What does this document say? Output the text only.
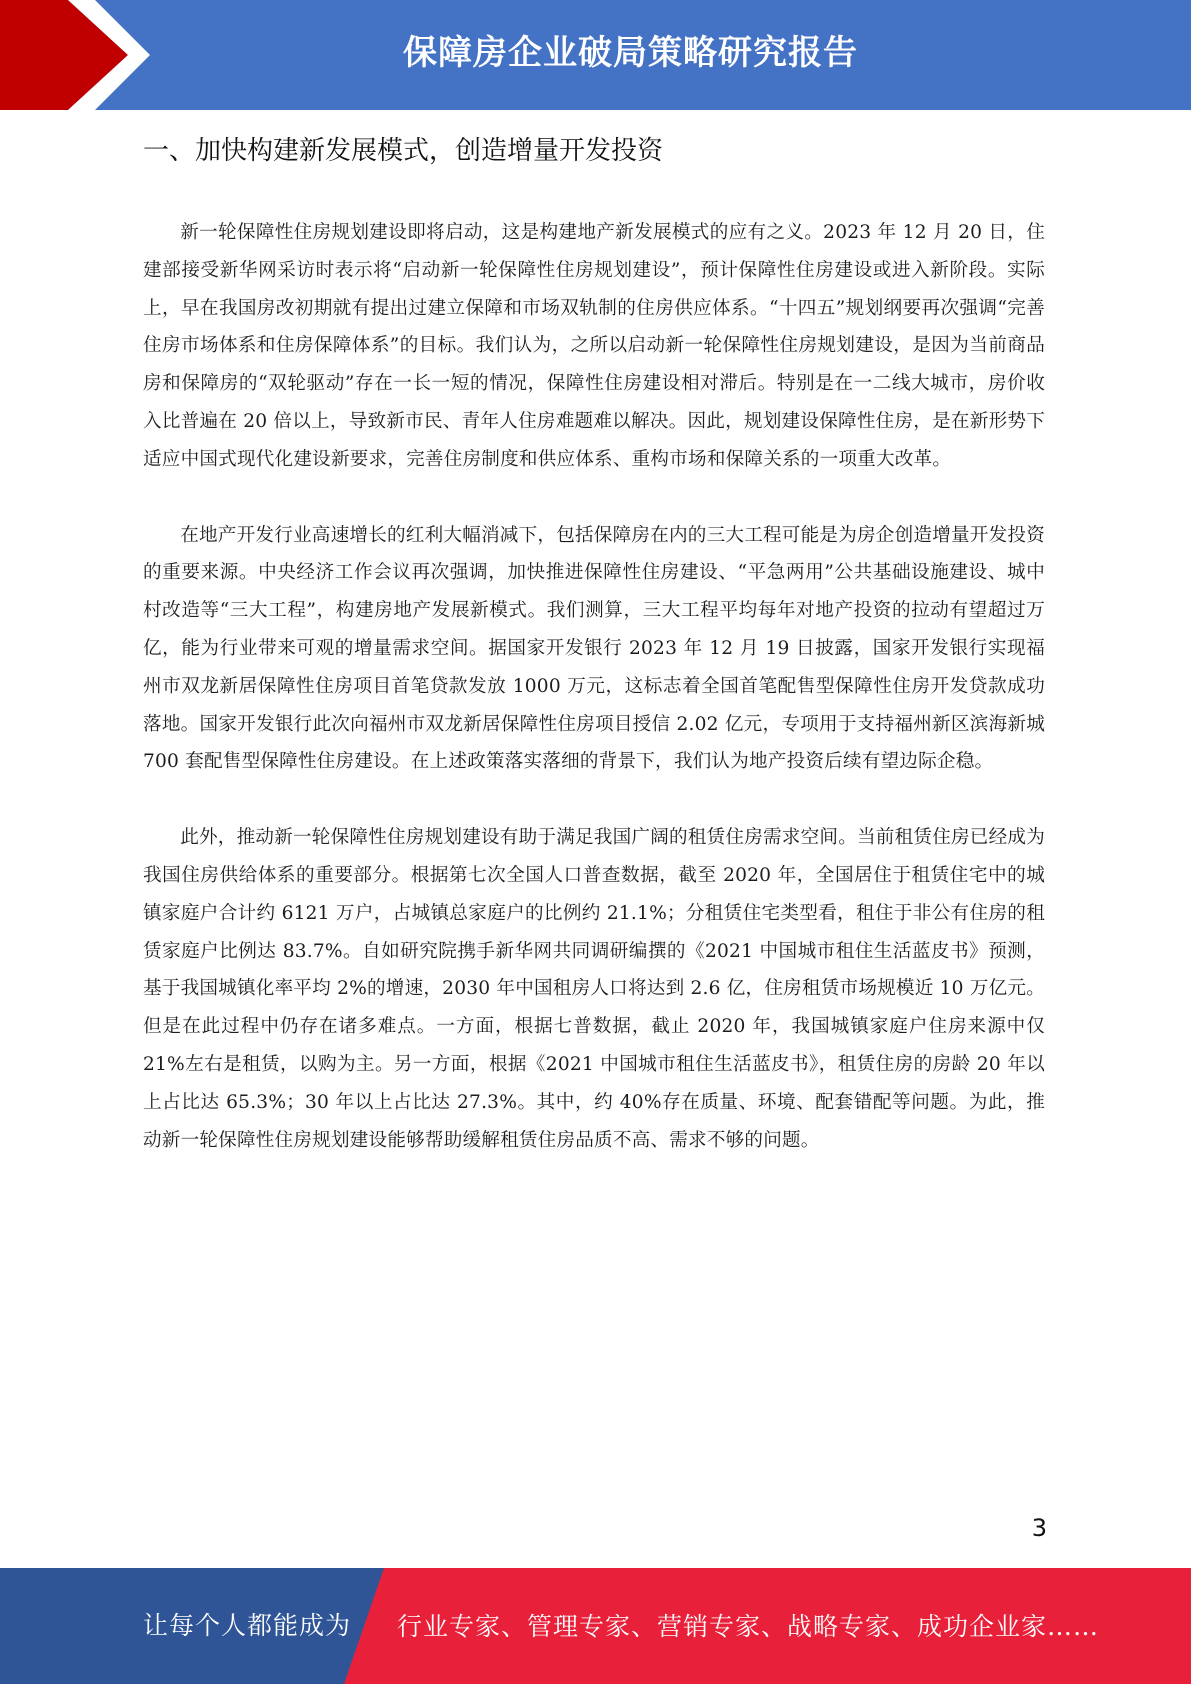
保障房企业破局策略研究报告
一、加快构建新发展模式，创造增量开发投资

新一轮保障性住房规划建设即将启动，这是构建地产新发展模式的应有之义。2023 年 12 月 20 日，住建部接受新华网采访时表示将“启动新一轮保障性住房规划建设”，预计保障性住房建设或进入新阶段。实际上，早在我国房改初期就有提出过建立保障和市场双轨制的住房供应体系。“十四五”规划纲要再次强调“完善住房市场体系和住房保障体系”的目标。我们认为，之所以启动新一轮保障性住房规划建设，是因为当前商品房和保障房的“双轮驱动”存在一长一短的情况，保障性住房建设相对滞后。特别是在一二线大城市，房价收入比普遍在 20 倍以上，导致新市民、青年人住房难题难以解决。因此，规划建设保障性住房，是在新形势下适应中国式现代化建设新要求，完善住房制度和供应体系、重构市场和保障关系的一项重大改革。

在地产开发行业高速增长的红利大幅消减下，包括保障房在内的三大工程可能是为房企创造增量开发投资的重要来源。中央经济工作会议再次强调，加快推进保障性住房建设、“平急两用”公共基础设施建设、城中村改造等“三大工程”，构建房地产发展新模式。我们测算，三大工程平均每年对地产投资的拉动有望超过万亿，能为行业带来可观的增量需求空间。据国家开发银行 2023 年 12 月 19 日披露，国家开发银行实现福州市双龙新居保障性住房项目首笔贷款发放 1000 万元，这标志着全国首笔配售型保障性住房开发贷款成功落地。国家开发银行此次向福州市双龙新居保障性住房项目授信 2.02 亿元，专项用于支持福州新区滨海新城 700 套配售型保障性住房建设。在上述政策落实落细的背景下，我们认为地产投资后续有望边际企稳。

此外，推动新一轮保障性住房规划建设有助于满足我国广阔的租赁住房需求空间。当前租赁住房已经成为我国住房供给体系的重要部分。根据第七次全国人口普查数据，截至 2020 年，全国居住于租赁住宅中的城镇家庭户合计约 6121 万户，占城镇总家庭户的比例约 21.1%；分租赁住宅类型看，租住于非公有住房的租赁家庭户比例达 83.7%。自如研究院携手新华网共同调研编撰的《2021 中国城市租住生活蓝皮书》预测，基于我国城镇化率平均 2%的增速，2030 年中国租房人口将达到 2.6 亿，住房租赁市场规模近 10 万亿元。但是在此过程中仍存在诸多难点。一方面，根据七普数据，截止 2020 年，我国城镇家庭户住房来源中仅 21%左右是租赁，以购为主。另一方面，根据《2021 中国城市租住生活蓝皮书》，租赁住房的房龄 20 年以上占比达 65.3%；30 年以上占比达 27.3%。其中，约 40%存在质量、环境、配套错配等问题。为此，推动新一轮保障性住房规划建设能够帮助缓解租赁住房品质不高、需求不够的问题。

3
让每个人都能成为 行业专家、管理专家、营销专家、战略专家、成功企业家……
